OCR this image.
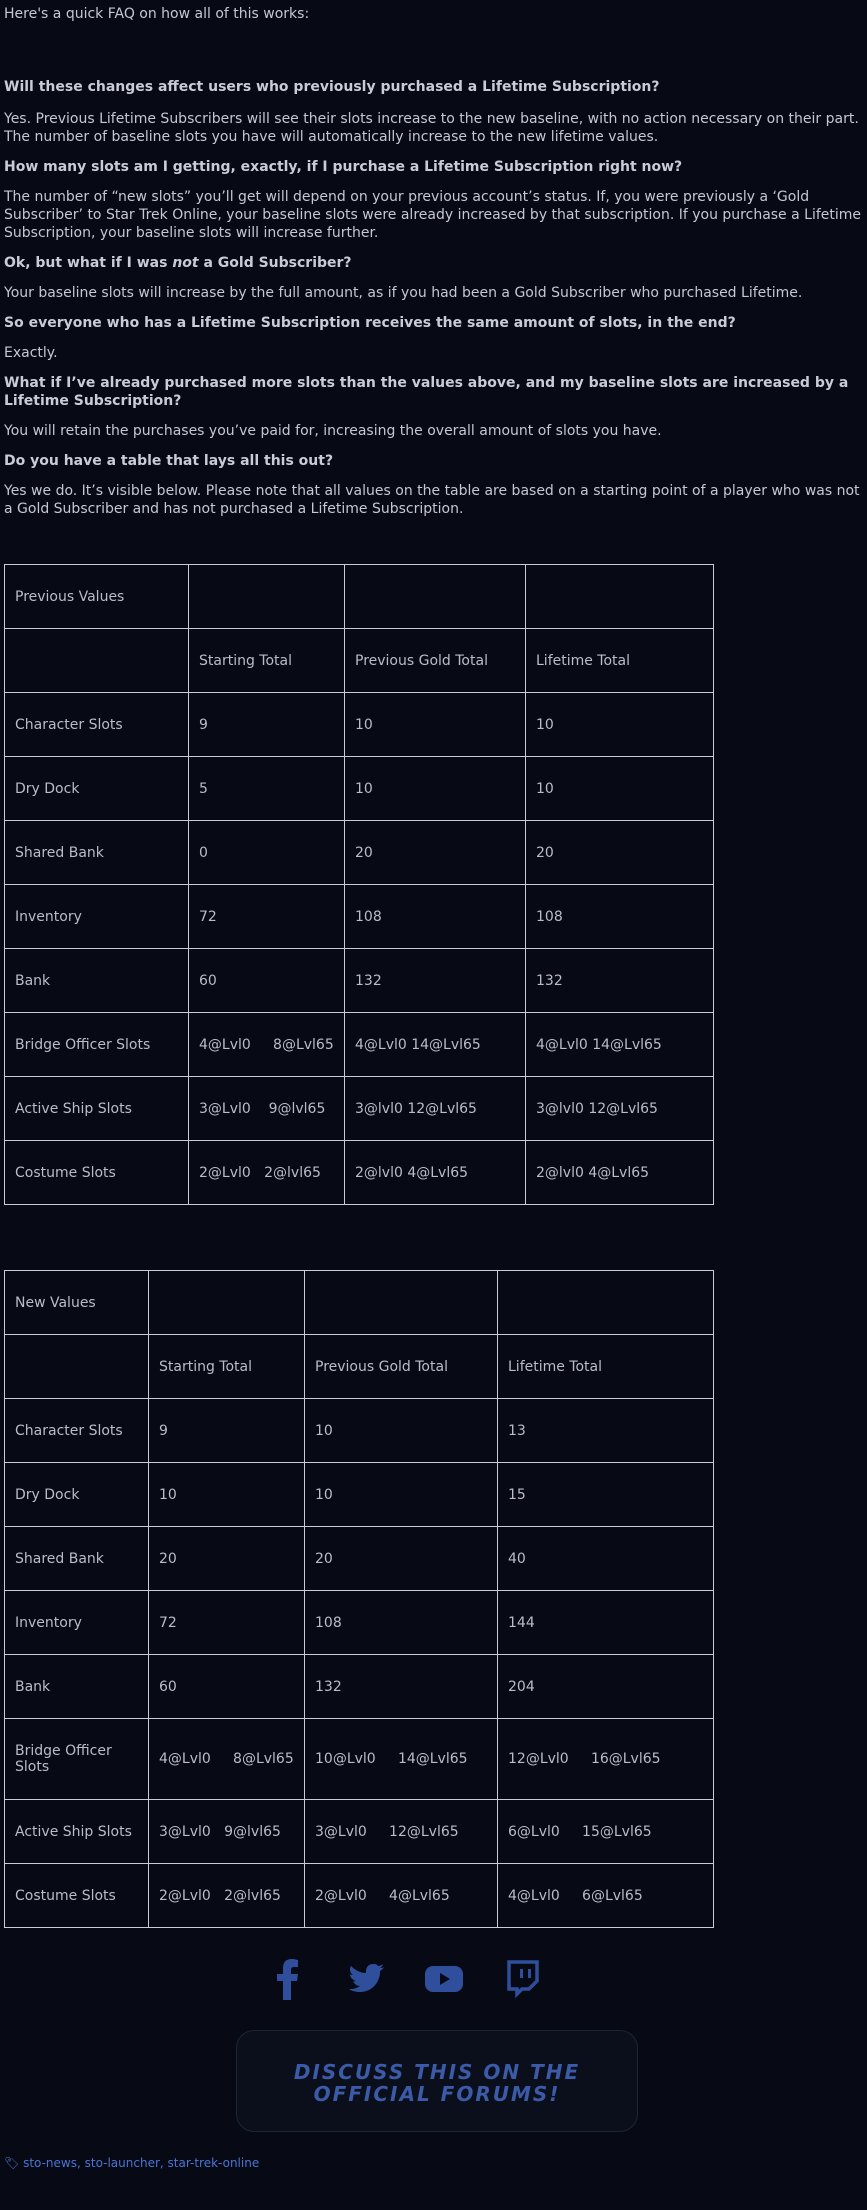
Here's a quick FAQ on how all of this works:

Will these changes affect users who previously purchased a Lifetime Subscription?

Yes. Previous Lifetime Subscribers will see their slots increase to the new baseline, with no action necessary on their part. The number of baseline slots you have will automatically increase to the new lifetime values.

How many slots am I getting, exactly, if I purchase a Lifetime Subscription right now?

The number of “new slots” you’ll get will depend on your previous account’s status. If, you were previously a ‘Gold Subscriber’ to Star Trek Online, your baseline slots were already increased by that subscription. If you purchase a Lifetime Subscription, your baseline slots will increase further.

Ok, but what if I was not a Gold Subscriber?

Your baseline slots will increase by the full amount, as if you had been a Gold Subscriber who purchased Lifetime.

So everyone who has a Lifetime Subscription receives the same amount of slots, in the end?

Exactly.

What if I’ve already purchased more slots than the values above, and my baseline slots are increased by a Lifetime Subscription?

You will retain the purchases you’ve paid for, increasing the overall amount of slots you have.

Do you have a table that lays all this out?

Yes we do. It’s visible below. Please note that all values on the table are based on a starting point of a player who was not a Gold Subscriber and has not purchased a Lifetime Subscription.

Previous Values			
	Starting Total	Previous Gold Total	Lifetime Total
Character Slots	9	10	10
Dry Dock	5	10	10
Shared Bank	0	20	20
Inventory	72	108	108
Bank	60	132	132
Bridge Officer Slots	4@Lvl0     8@Lvl65	4@Lvl0 14@Lvl65	4@Lvl0 14@Lvl65
Active Ship Slots	3@Lvl0    9@lvl65	3@lvl0 12@Lvl65	3@lvl0 12@Lvl65
Costume Slots	2@Lvl0   2@lvl65	2@lvl0 4@Lvl65	2@lvl0 4@Lvl65
New Values			
	Starting Total	Previous Gold Total	Lifetime Total
Character Slots	9	10	13
Dry Dock	10	10	15
Shared Bank	20	20	40
Inventory	72	108	144
Bank	60	132	204
Bridge Officer Slots	4@Lvl0     8@Lvl65	10@Lvl0     14@Lvl65	12@Lvl0     16@Lvl65
Active Ship Slots	3@Lvl0   9@lvl65	3@Lvl0     12@Lvl65	6@Lvl0     15@Lvl65
Costume Slots	2@Lvl0   2@lvl65	2@Lvl0     4@Lvl65	4@Lvl0     6@Lvl65
DISCUSS THIS ON THE OFFICIAL FORUMS!
🏷 sto-news, sto-launcher, star-trek-online
